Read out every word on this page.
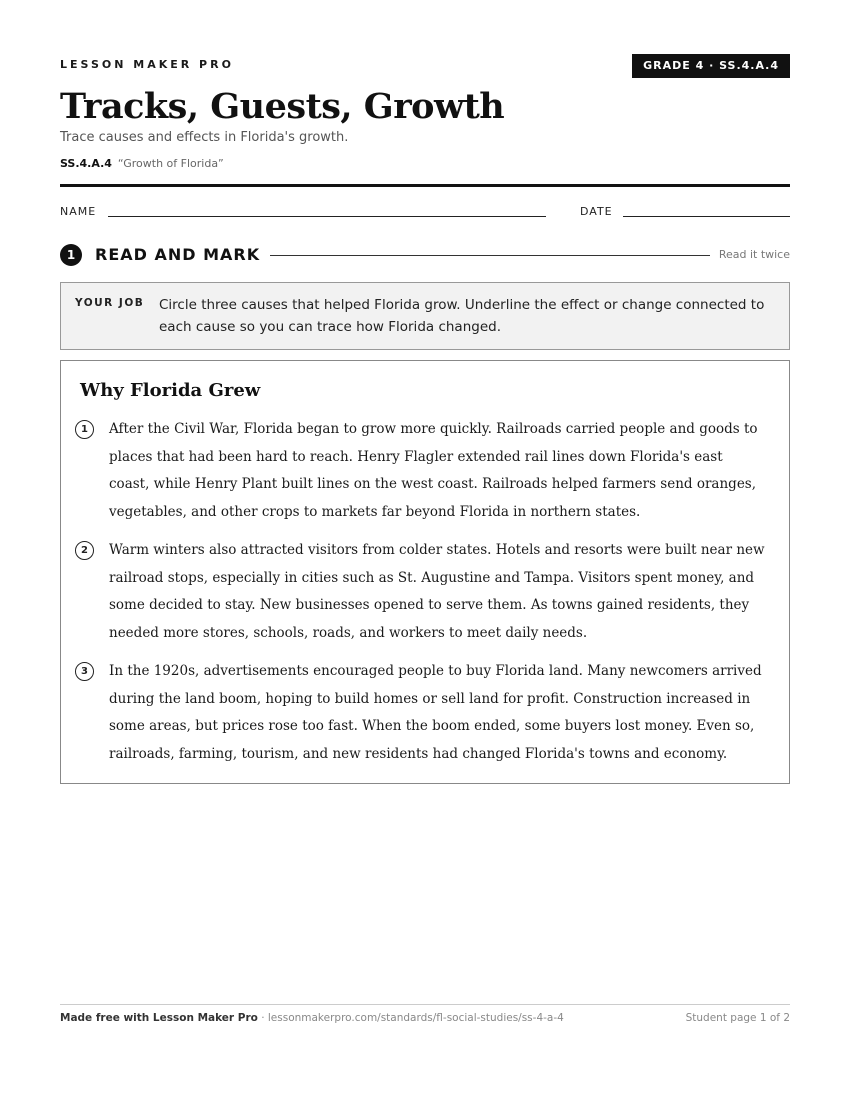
LESSON MAKER PRO	GRADE 4 · SS.4.A.4
Tracks, Guests, Growth
Trace causes and effects in Florida's growth.
SS.4.A.4 “Growth of Florida”
NAME	DATE
1	READ AND MARK	Read it twice
YOUR JOB Circle three causes that helped Florida grow. Underline the effect or change connected to each cause so you can trace how Florida changed.
Why Florida Grew
1	After the Civil War, Florida began to grow more quickly. Railroads carried people and goods to places that had been hard to reach. Henry Flagler extended rail lines down Florida's east coast, while Henry Plant built lines on the west coast. Railroads helped farmers send oranges, vegetables, and other crops to markets far beyond Florida in northern states.

2	Warm winters also attracted visitors from colder states. Hotels and resorts were built near new railroad stops, especially in cities such as St. Augustine and Tampa. Visitors spent money, and some decided to stay. New businesses opened to serve them. As towns gained residents, they needed more stores, schools, roads, and workers to meet daily needs.

3	In the 1920s, advertisements encouraged people to buy Florida land. Many newcomers arrived during the land boom, hoping to build homes or sell land for profit. Construction increased in some areas, but prices rose too fast. When the boom ended, some buyers lost money. Even so, railroads, farming, tourism, and new residents had changed Florida's towns and economy.

Made free with Lesson Maker Pro · lessonmakerpro.com/standards/fl-social-studies/ss-4-a-4	Student page 1 of 2
